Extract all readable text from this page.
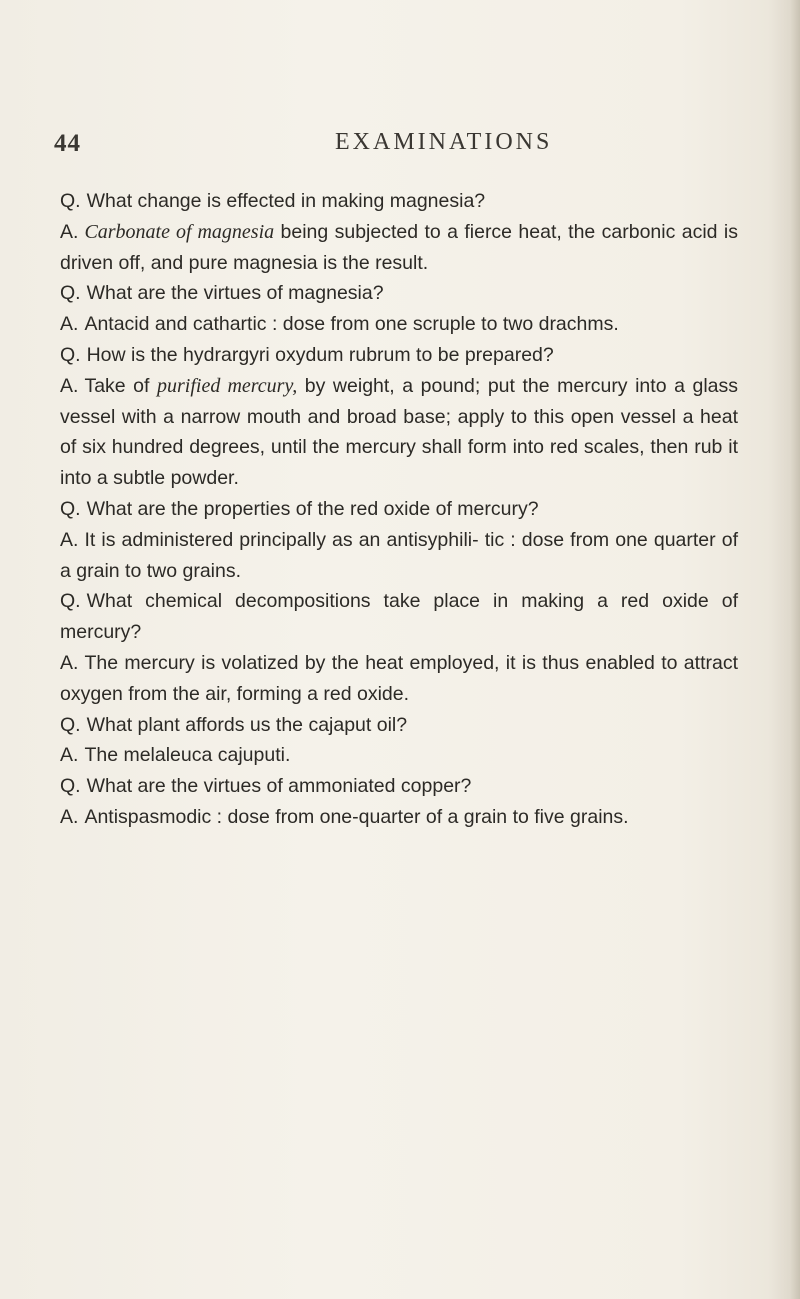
44	EXAMINATIONS

Q. What change is effected in making magnesia?

A. Carbonate of magnesia being subjected to a fierce heat, the carbonic acid is driven off, and pure magnesia is the result.

Q. What are the virtues of magnesia?

A. Antacid and cathartic : dose from one scruple to two drachms.

Q. How is the hydrargyri oxydum rubrum to be prepared?

A. Take of purified mercury, by weight, a pound; put the mercury into a glass vessel with a narrow mouth and broad base; apply to this open vessel a heat of six hundred degrees, until the mercury shall form into red scales, then rub it into a subtle powder.

Q. What are the properties of the red oxide of mercury?

A. It is administered principally as an antisyphili- tic : dose from one quarter of a grain to two grains.

Q. What chemical decompositions take place in making a red oxide of mercury?

A. The mercury is volatized by the heat employed, it is thus enabled to attract oxygen from the air, forming a red oxide.

Q. What plant affords us the cajaput oil?

A. The melaleuca cajuputi.

Q. What are the virtues of ammoniated copper?

A. Antispasmodic : dose from one-quarter of a grain to five grains.
